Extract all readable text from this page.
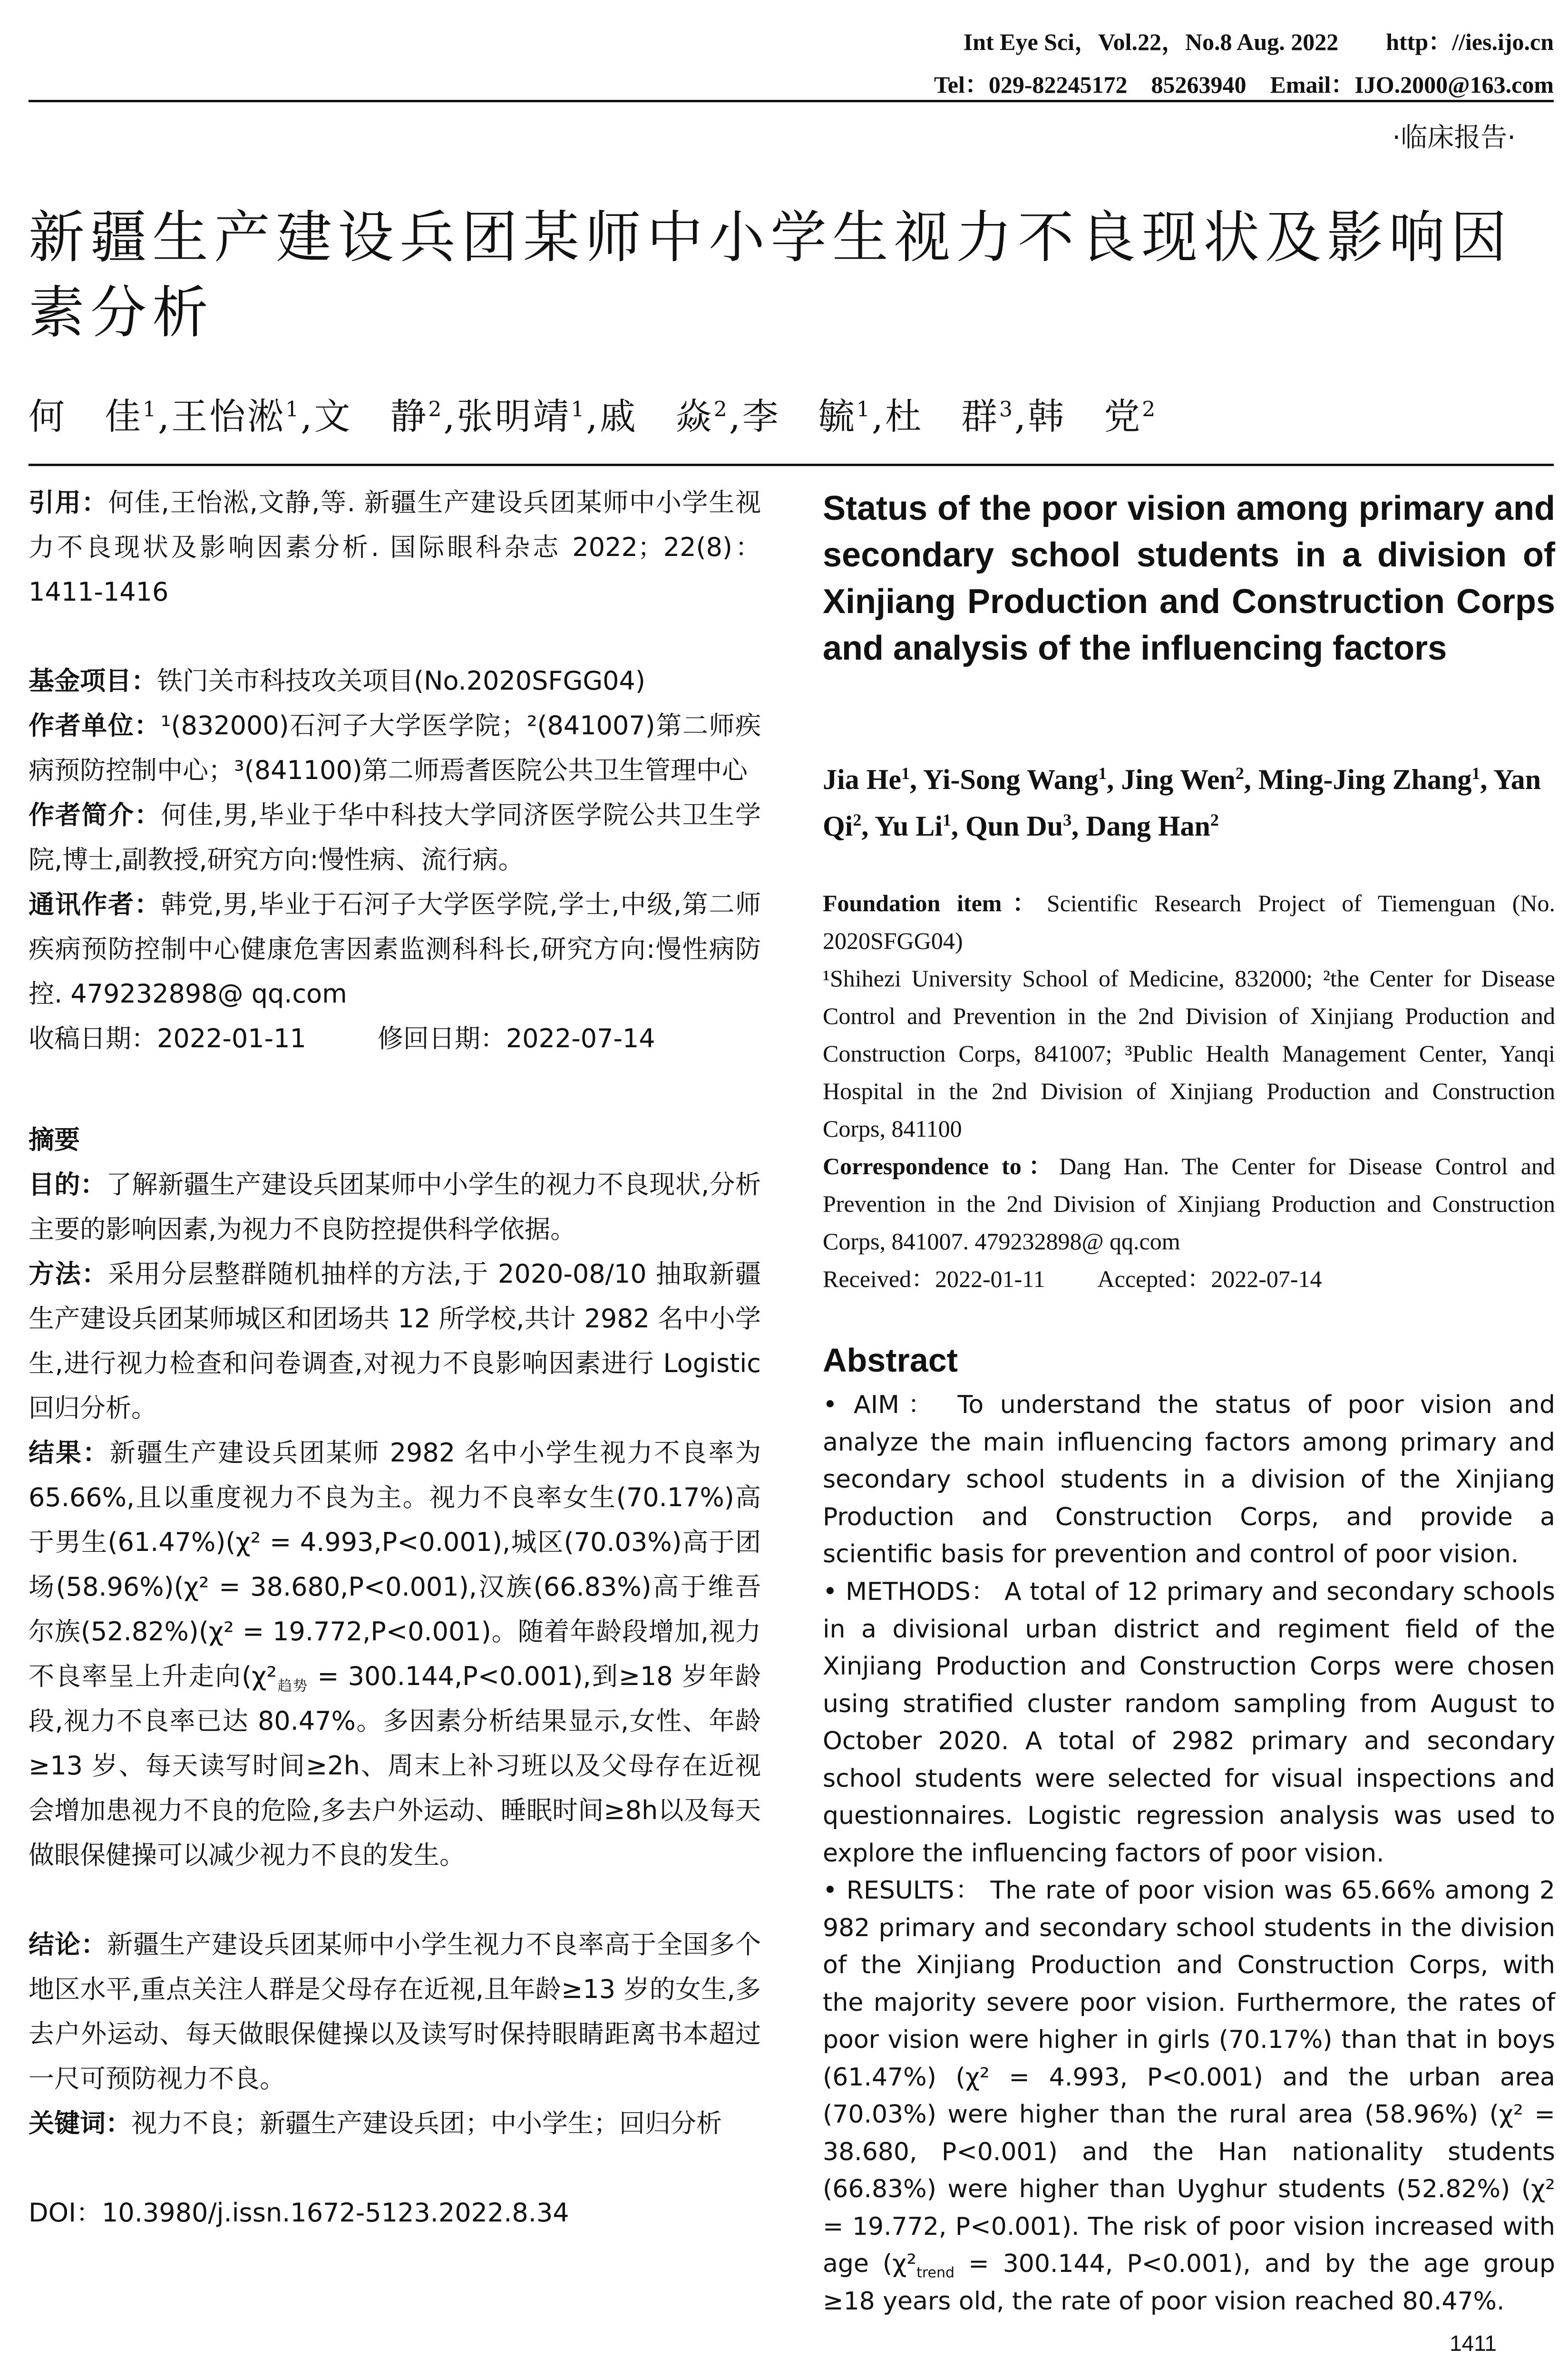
Int Eye Sci，Vol.22，No.8 Aug. 2022        http：//ies.ijo.cn
Tel：029-82245172    85263940    Email：IJO.2000@163.com
·临床报告·
新疆生产建设兵团某师中小学生视力不良现状及影响因素分析
何　佳$^1$,王怡淞$^1$,文　静$^2$,张明靖$^1$,戚　焱$^2$,李　毓$^1$,杜　群$^3$,韩　党$^2$
引用：何佳,王怡淞,文静,等. 新疆生产建设兵团某师中小学生视力不良现状及影响因素分析. 国际眼科杂志 2022；22(8)：1411-1416
基金项目：铁门关市科技攻关项目(No.2020SFGG04)
作者单位：¹(832000)石河子大学医学院；²(841007)第二师疾病预防控制中心；³(841100)第二师焉耆医院公共卫生管理中心
作者简介：何佳,男,毕业于华中科技大学同济医学院公共卫生学院,博士,副教授,研究方向:慢性病、流行病。
通讯作者：韩党,男,毕业于石河子大学医学院,学士,中级,第二师疾病预防控制中心健康危害因素监测科科长,研究方向:慢性病防控. 479232898@ qq.com
收稿日期：2022-01-11	修回日期：2022-07-14
摘要
目的：了解新疆生产建设兵团某师中小学生的视力不良现状,分析主要的影响因素,为视力不良防控提供科学依据。
方法：采用分层整群随机抽样的方法,于 2020-08/10 抽取新疆生产建设兵团某师城区和团场共 12 所学校,共计 2982 名中小学生,进行视力检查和问卷调查,对视力不良影响因素进行 Logistic 回归分析。
结果：新疆生产建设兵团某师 2982 名中小学生视力不良率为 65.66%,且以重度视力不良为主。视力不良率女生(70.17%)高于男生(61.47%)(χ² = 4.993,P<0.001),城区(70.03%)高于团场(58.96%)(χ² = 38.680,P<0.001),汉族(66.83%)高于维吾尔族(52.82%)(χ² = 19.772,P<0.001)。随着年龄段增加,视力不良率呈上升走向$(\chi^2_{趋势} = 300.144,P<0.001)$,到≥18 岁年龄段,视力不良率已达 80.47%。多因素分析结果显示,女性、年龄≥13 岁、每天读写时间≥2h、周末上补习班以及父母存在近视会增加患视力不良的危险,多去户外运动、睡眠时间≥8h以及每天做眼保健操可以减少视力不良的发生。
结论：新疆生产建设兵团某师中小学生视力不良率高于全国多个地区水平,重点关注人群是父母存在近视,且年龄≥13 岁的女生,多去户外运动、每天做眼保健操以及读写时保持眼睛距离书本超过一尺可预防视力不良。
关键词：视力不良；新疆生产建设兵团；中小学生；回归分析
DOI：10.3980/j.issn.1672-5123.2022.8.34
Status of the poor vision among primary and secondary school students in a division of Xinjiang Production and Construction Corps and analysis of the influencing factors
Jia He$^1$, Yi-Song Wang$^1$, Jing Wen$^2$, Ming-Jing Zhang$^1$, Yan Qi$^2$, Yu Li$^1$, Qun Du$^3$, Dang Han$^2$
Foundation item：Scientific Research Project of Tiemenguan (No. 2020SFGG04)
¹Shihezi University School of Medicine, 832000; ²the Center for Disease Control and Prevention in the 2nd Division of Xinjiang Production and Construction Corps, 841007; ³Public Health Management Center, Yanqi Hospital in the 2nd Division of Xinjiang Production and Construction Corps, 841100
Correspondence to：Dang Han. The Center for Disease Control and Prevention in the 2nd Division of Xinjiang Production and Construction Corps, 841007. 479232898@ qq.com
Received：2022-01-11 Accepted：2022-07-14
Abstract
• AIM： To understand the status of poor vision and analyze the main influencing factors among primary and secondary school students in a division of the Xinjiang Production and Construction Corps, and provide a scientific basis for prevention and control of poor vision.
• METHODS： A total of 12 primary and secondary schools in a divisional urban district and regiment field of the Xinjiang Production and Construction Corps were chosen using stratified cluster random sampling from August to October 2020. A total of 2982 primary and secondary school students were selected for visual inspections and questionnaires. Logistic regression analysis was used to explore the influencing factors of poor vision.
• RESULTS： The rate of poor vision was 65.66% among 2 982 primary and secondary school students in the division of the Xinjiang Production and Construction Corps, with the majority severe poor vision. Furthermore, the rates of poor vision were higher in girls (70.17%) than that in boys (61.47%) (χ² = 4.993, P<0.001) and the urban area (70.03%) were higher than the rural area (58.96%) (χ² = 38.680, P<0.001) and the Han nationality students (66.83%) were higher than Uyghur students (52.82%) (χ² = 19.772, P<0.001). The risk of poor vision increased with age ($\chi^2_{trend} = 300.144$, P<0.001), and by the age group ≥18 years old, the rate of poor vision reached 80.47%.
1411
